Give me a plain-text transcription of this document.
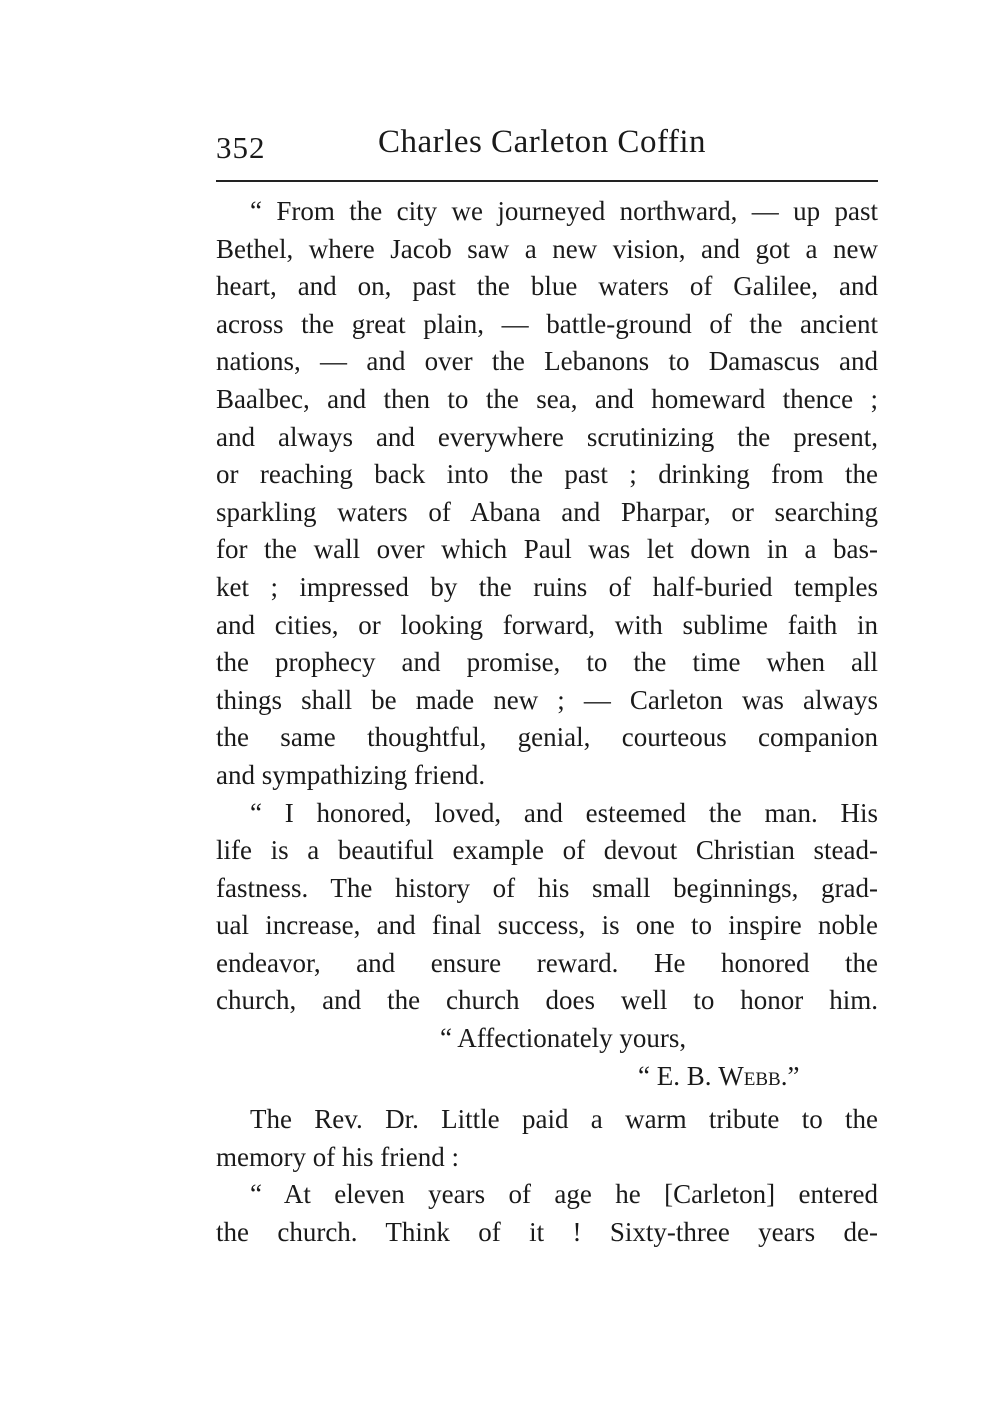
352	Charles Carleton Coffin
“ From the city we journeyed northward, — up past
Bethel, where Jacob saw a new vision, and got a new
heart, and on, past the blue waters of Galilee, and
across the great plain, — battle-ground of the ancient
nations, — and over the Lebanons to Damascus and
Baalbec, and then to the sea, and homeward thence ;
and always and everywhere scrutinizing the present,
or reaching back into the past ; drinking from the
sparkling waters of Abana and Pharpar, or searching
for the wall over which Paul was let down in a bas-
ket ; impressed by the ruins of half-buried temples
and cities, or looking forward, with sublime faith in
the prophecy and promise, to the time when all
things shall be made new ; — Carleton was always
the same thoughtful, genial, courteous companion
and sympathizing friend.
“ I honored, loved, and esteemed the man. His
life is a beautiful example of devout Christian stead-
fastness. The history of his small beginnings, grad-
ual increase, and final success, is one to inspire noble
endeavor, and ensure reward. He honored the
church, and the church does well to honor him.
“ Affectionately yours,
“ E. B. Webb.”
The Rev. Dr. Little paid a warm tribute to the
memory of his friend :
“ At eleven years of age he [Carleton] entered
the church. Think of it ! Sixty-three years de-
